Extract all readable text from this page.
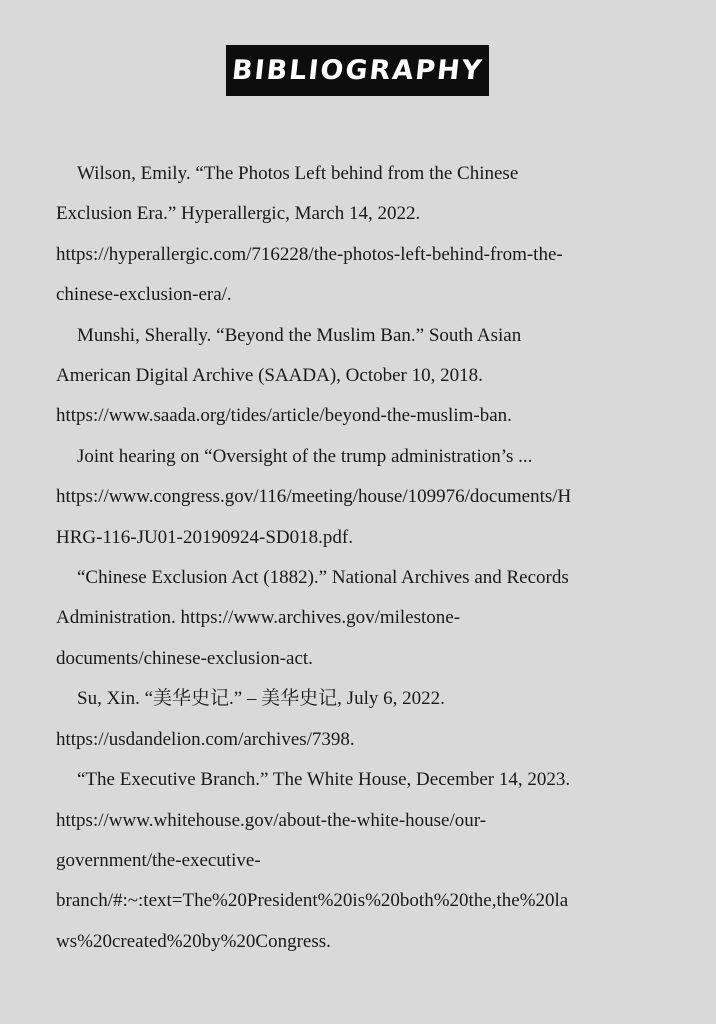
BIBLIOGRAPHY

Wilson, Emily. “The Photos Left behind from the Chinese
Exclusion Era.” Hyperallergic, March 14, 2022.
https://hyperallergic.com/716228/the-photos-left-behind-from-the-
chinese-exclusion-era/.

Munshi, Sherally. “Beyond the Muslim Ban.” South Asian
American Digital Archive (SAADA), October 10, 2018.
https://www.saada.org/tides/article/beyond-the-muslim-ban.

Joint hearing on “Oversight of the trump administration’s ...
https://www.congress.gov/116/meeting/house/109976/documents/H
HRG-116-JU01-20190924-SD018.pdf.

“Chinese Exclusion Act (1882).” National Archives and Records
Administration. https://www.archives.gov/milestone-
documents/chinese-exclusion-act.

Su, Xin. “美华史记.” – 美华史记, July 6, 2022.
https://usdandelion.com/archives/7398.

“The Executive Branch.” The White House, December 14, 2023.
https://www.whitehouse.gov/about-the-white-house/our-
government/the-executive-
branch/#:~:text=The%20President%20is%20both%20the,the%20la
ws%20created%20by%20Congress.
